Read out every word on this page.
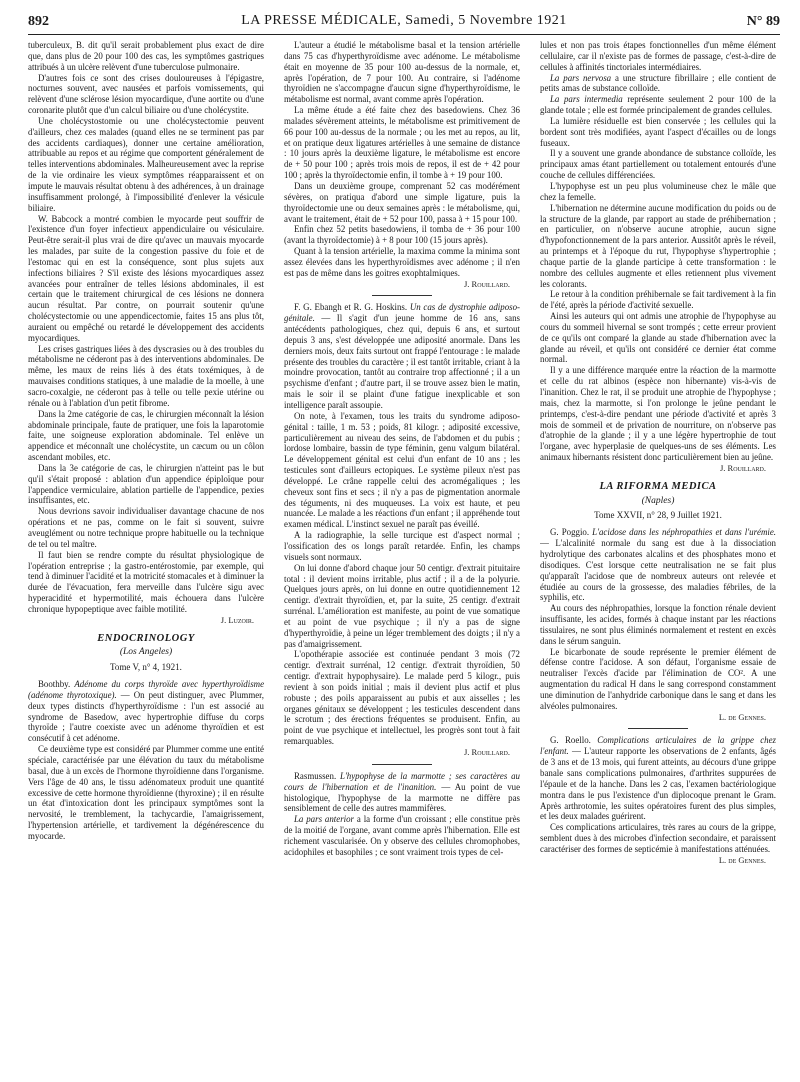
892	LA PRESSE MÉDICALE, Samedi, 5 Novembre 1921	N° 89

tuberculeux, B. dit qu'il serait probablement plus exact de dire que, dans plus de 20 pour 100 des cas, les symptômes gastriques attribués à un ulcère relèvent d'une tuberculose pulmonaire.

D'autres fois ce sont des crises douloureuses à l'épigastre, nocturnes souvent, avec nausées et parfois vomissements, qui relèvent d'une sclérose lésion myocardique, d'une aortite ou d'une coronarite plutôt que d'un calcul biliaire ou d'une cholécystite.

Une cholécystostomie ou une cholécystectomie peuvent d'ailleurs, chez ces malades (quand elles ne se terminent pas par des accidents cardiaques), donner une certaine amélioration, attribuable au repos et au régime que comportent généralement de telles interventions abdominales. Malheureusement avec la reprise de la vie ordinaire les vieux symptômes réapparaissent et on impute le mauvais résultat obtenu à des adhérences, à un drainage insuffisamment prolongé, à l'impossibilité d'enlever la vésicule biliaire.

W. Babcock a montré combien le myocarde peut souffrir de l'existence d'un foyer infectieux appendiculaire ou vésiculaire. Peut-être serait-il plus vrai de dire qu'avec un mauvais myocarde les malades, par suite de la congestion passive du foie et de l'estomac qui en est la conséquence, sont plus sujets aux infections biliaires ? S'il existe des lésions myocardiques assez avancées pour entraîner de telles lésions abdominales, il est certain que le traitement chirurgical de ces lésions ne donnera aucun résultat. Par contre, on pourrait soutenir qu'une cholécystectomie ou une appendicectomie, faites 15 ans plus tôt, auraient ou empêché ou retardé le développement des accidents myocardiques.

Les crises gastriques liées à des dyscrasies ou à des troubles du métabolisme ne céderont pas à des interventions abdominales. De même, les maux de reins liés à des états toxémiques, à de mauvaises conditions statiques, à une maladie de la moelle, à une sacro-coxalgie, ne céderont pas à telle ou telle pexie utérine ou rénale ou à l'ablation d'un petit fibrome.

Dans la 2me catégorie de cas, le chirurgien méconnaît la lésion abdominale principale, faute de pratiquer, une fois la laparotomie faite, une soigneuse exploration abdominale. Tel enlève un appendice et méconnaît une cholécystite, un cæcum ou un côlon ascendant mobiles, etc.

Dans la 3e catégorie de cas, le chirurgien n'atteint pas le but qu'il s'était proposé : ablation d'un appendice épiploïque pour l'appendice vermiculaire, ablation partielle de l'appendice, pexies insuffisantes, etc.

Nous devrions savoir individualiser davantage chacune de nos opérations et ne pas, comme on le fait si souvent, suivre aveuglément ou notre technique propre habituelle ou la technique de tel ou tel maître.

Il faut bien se rendre compte du résultat physiologique de l'opération entreprise ; la gastro-entérostomie, par exemple, qui tend à diminuer l'acidité et la motricité stomacales et à diminuer la durée de l'évacuation, fera merveille dans l'ulcère sigu avec hyperacidité et hypermotilité, mais échouera dans l'ulcère chronique hypopeptique avec faible motilité.

J. Luzoir.
ENDOCRINOLOGY
(Los Angeles)
Tome V, n° 4, 1921.

Boothby. Adénome du corps thyroïde avec hyperthyroïdisme (adénome thyrotoxique). — On peut distinguer, avec Plummer, deux types distincts d'hyperthyroïdisme : l'un est associé au syndrome de Basedow, avec hypertrophie diffuse du corps thyroïde ; l'autre coexiste avec un adénome thyroïdien et est consécutif à cet adénome.

Ce deuxième type est considéré par Plummer comme une entité spéciale, caractérisée par une élévation du taux du métabolisme basal, due à un excès de l'hormone thyroïdienne dans l'organisme. Vers l'âge de 40 ans, le tissu adénomateux produit une quantité excessive de cette hormone thyroïdienne (thyroxine) ; il en résulte un état d'intoxication dont les principaux symptômes sont la nervosité, le tremblement, la tachycardie, l'amaigrissement, l'hypertension artérielle, et tardivement la dégénérescence du myocarde.

L'auteur a étudié le métabolisme basal et la tension artérielle dans 75 cas d'hyperthyroïdisme avec adénome. Le métabolisme était en moyenne de 35 pour 100 au-dessus de la normale, et, après l'opération, de 7 pour 100. Au contraire, si l'adénome thyroïdien ne s'accompagne d'aucun signe d'hyperthyroïdisme, le métabolisme est normal, avant comme après l'opération.

La même étude a été faite chez des basedowiens. Chez 36 malades sévèrement atteints, le métabolisme est primitivement de 66 pour 100 au-dessus de la normale ; ou les met au repos, au lit, et on pratique deux ligatures artérielles à une semaine de distance : 10 jours après la deuxième ligature, le métabolisme est encore de + 50 pour 100 ; après trois mois de repos, il est de + 42 pour 100 ; après la thyroïdectomie enfin, il tombe à + 19 pour 100.

Dans un deuxième groupe, comprenant 52 cas modérément sévères, on pratiqua d'abord une simple ligature, puis la thyroïdectomie une ou deux semaines après : le métabolisme, qui, avant le traitement, était de + 52 pour 100, passa à + 15 pour 100.

Enfin chez 52 petits basedowiens, il tomba de + 36 pour 100 (avant la thyroïdectomie) à + 8 pour 100 (15 jours après).

Quant à la tension artérielle, la maxima comme la minima sont assez élevées dans les hyperthyroïdismes avec adénome ; il n'en est pas de même dans les goitres exophtalmiques.

J. Rouillard.

F. G. Ebangh et R. G. Hoskins. Un cas de dystrophie adiposo-génitale. — Il s'agit d'un jeune homme de 16 ans, sans antécédents pathologiques, chez qui, depuis 6 ans, et surtout depuis 3 ans, s'est développée une adiposité anormale. Dans les derniers mois, deux faits surtout ont frappé l'entourage : le malade présente des troubles du caractère ; il est tantôt irritable, criant à la moindre provocation, tantôt au contraire trop affectionné ; il a un psychisme d'enfant ; d'autre part, il se trouve assez bien le matin, mais le soir il se plaint d'une fatigue inexplicable et son intelligence paraît assoupie.

On note, à l'examen, tous les traits du syndrome adiposo-génital : taille, 1 m. 53 ; poids, 81 kilogr. ; adiposité excessive, particulièrement au niveau des seins, de l'abdomen et du pubis ; lordose lombaire, bassin de type féminin, genu valgum bilatéral. Le développement génital est celui d'un enfant de 10 ans ; les testicules sont d'ailleurs ectopiques. Le système pileux n'est pas développé. Le crâne rappelle celui des acromégaliques ; les cheveux sont fins et secs ; il n'y a pas de pigmentation anormale des téguments, ni des muqueuses. La voix est haute, et peu nuancée. Le malade a les réactions d'un enfant ; il appréhende tout examen médical. L'instinct sexuel ne paraît pas éveillé.

A la radiographie, la selle turcique est d'aspect normal ; l'ossification des os longs paraît retardée. Enfin, les champs visuels sont normaux.

On lui donne d'abord chaque jour 50 centigr. d'extrait pituitaire total : il devient moins irritable, plus actif ; il a de la polyurie. Quelques jours après, on lui donne en outre quotidiennement 12 centigr. d'extrait thyroïdien, et, par la suite, 25 centigr. d'extrait surrénal. L'amélioration est manifeste, au point de vue somatique et au point de vue psychique ; il n'y a pas de signe d'hyperthyroïdie, à peine un léger tremblement des doigts ; il n'y a pas d'amaigrissement.

L'opothérapie associée est continuée pendant 3 mois (72 centigr. d'extrait surrénal, 12 centigr. d'extrait thyroïdien, 50 centigr. d'extrait hypophysaire). Le malade perd 5 kilogr., puis revient à son poids initial ; mais il devient plus actif et plus robuste ; des poils apparaissent au pubis et aux aisselles ; les organes génitaux se développent ; les testicules descendent dans le scrotum ; des érections fréquentes se produisent. Enfin, au point de vue psychique et intellectuel, les progrès sont tout à fait remarquables.

J. Rouillard.

Rasmussen. L'hypophyse de la marmotte ; ses caractères au cours de l'hibernation et de l'inanition. — Au point de vue histologique, l'hypophyse de la marmotte ne diffère pas sensiblement de celle des autres mammifères.

La pars anterior a la forme d'un croissant ; elle constitue près de la moitié de l'organe, avant comme après l'hibernation. Elle est richement vascularisée. On y observe des cellules chromophobes, acidophiles et basophiles ; ce sont vraiment trois types de cel-

lules et non pas trois étapes fonctionnelles d'un même élément cellulaire, car il n'existe pas de formes de passage, c'est-à-dire de cellules à affinités tinctoriales intermédiaires.

La pars nervosa a une structure fibrillaire ; elle contient de petits amas de substance colloïde.

La pars intermedia représente seulement 2 pour 100 de la glande totale ; elle est formée principalement de grandes cellules.

La lumière résiduelle est bien conservée ; les cellules qui la bordent sont très modifiées, ayant l'aspect d'écailles ou de longs fuseaux.

Il y a souvent une grande abondance de substance colloïde, les principaux amas étant partiellement ou totalement entourés d'une couche de cellules différenciées.

L'hypophyse est un peu plus volumineuse chez le mâle que chez la femelle.

L'hibernation ne détermine aucune modification du poids ou de la structure de la glande, par rapport au stade de préhibernation ; en particulier, on n'observe aucune atrophie, aucun signe d'hypofonctionnement de la pars anterior. Aussitôt après le réveil, au printemps et à l'époque du rut, l'hypophyse s'hypertrophie ; chaque partie de la glande participe à cette transformation : le nombre des cellules augmente et elles retiennent plus vivement les colorants.

Le retour à la condition préhibernale se fait tardivement à la fin de l'été, après la période d'activité sexuelle.

Ainsi les auteurs qui ont admis une atrophie de l'hypophyse au cours du sommeil hivernal se sont trompés ; cette erreur provient de ce qu'ils ont comparé la glande au stade d'hibernation avec la glande au réveil, et qu'ils ont considéré ce dernier état comme normal.

Il y a une différence marquée entre la réaction de la marmotte et celle du rat albinos (espèce non hibernante) vis-à-vis de l'inanition. Chez le rat, il se produit une atrophie de l'hypophyse ; mais, chez la marmotte, si l'on prolonge le jeûne pendant le printemps, c'est-à-dire pendant une période d'activité et après 3 mois de sommeil et de privation de nourriture, on n'observe pas d'atrophie de la glande ; il y a une légère hypertrophie de tout l'organe, avec hyperplasie de quelques-uns de ses éléments. Les animaux hibernants résistent donc particulièrement bien au jeûne.

J. Rouillard.
LA RIFORMA MEDICA
(Naples)
Tome XXVII, n° 28, 9 Juillet 1921.

G. Poggio. L'acidose dans les néphropathies et dans l'urémie. — L'alcalinité normale du sang est due à la dissociation hydrolytique des carbonates alcalins et des phosphates mono et disodiques. C'est lorsque cette neutralisation ne se fait plus qu'apparaît l'acidose que de nombreux auteurs ont relevée et étudiée au cours de la grossesse, des maladies fébriles, de la syphilis, etc.

Au cours des néphropathies, lorsque la fonction rénale devient insuffisante, les acides, formés à chaque instant par les réactions tissulaires, ne sont plus éliminés normalement et restent en excès dans le sérum sanguin.

Le bicarbonate de soude représente le premier élément de défense contre l'acidose. A son défaut, l'organisme essaie de neutraliser l'excès d'acide par l'élimination de CO². A une augmentation du radical H dans le sang correspond constamment une diminution de l'anhydride carbonique dans le sang et dans les alvéoles pulmonaires.

L. de Gennes.

G. Roello. Complications articulaires de la grippe chez l'enfant. — L'auteur rapporte les observations de 2 enfants, âgés de 3 ans et de 13 mois, qui furent atteints, au décours d'une grippe banale sans complications pulmonaires, d'arthrites suppurées de l'épaule et de la hanche. Dans les 2 cas, l'examen bactériologique montra dans le pus l'existence d'un diplocoque prenant le Gram. Après arthrotomie, les suites opératoires furent des plus simples, et les deux malades guérirent.

Ces complications articulaires, très rares au cours de la grippe, semblent dues à des microbes d'infection secondaire, et paraissent caractériser des formes de septicémie à manifestations atténuées.

L. de Gennes.
